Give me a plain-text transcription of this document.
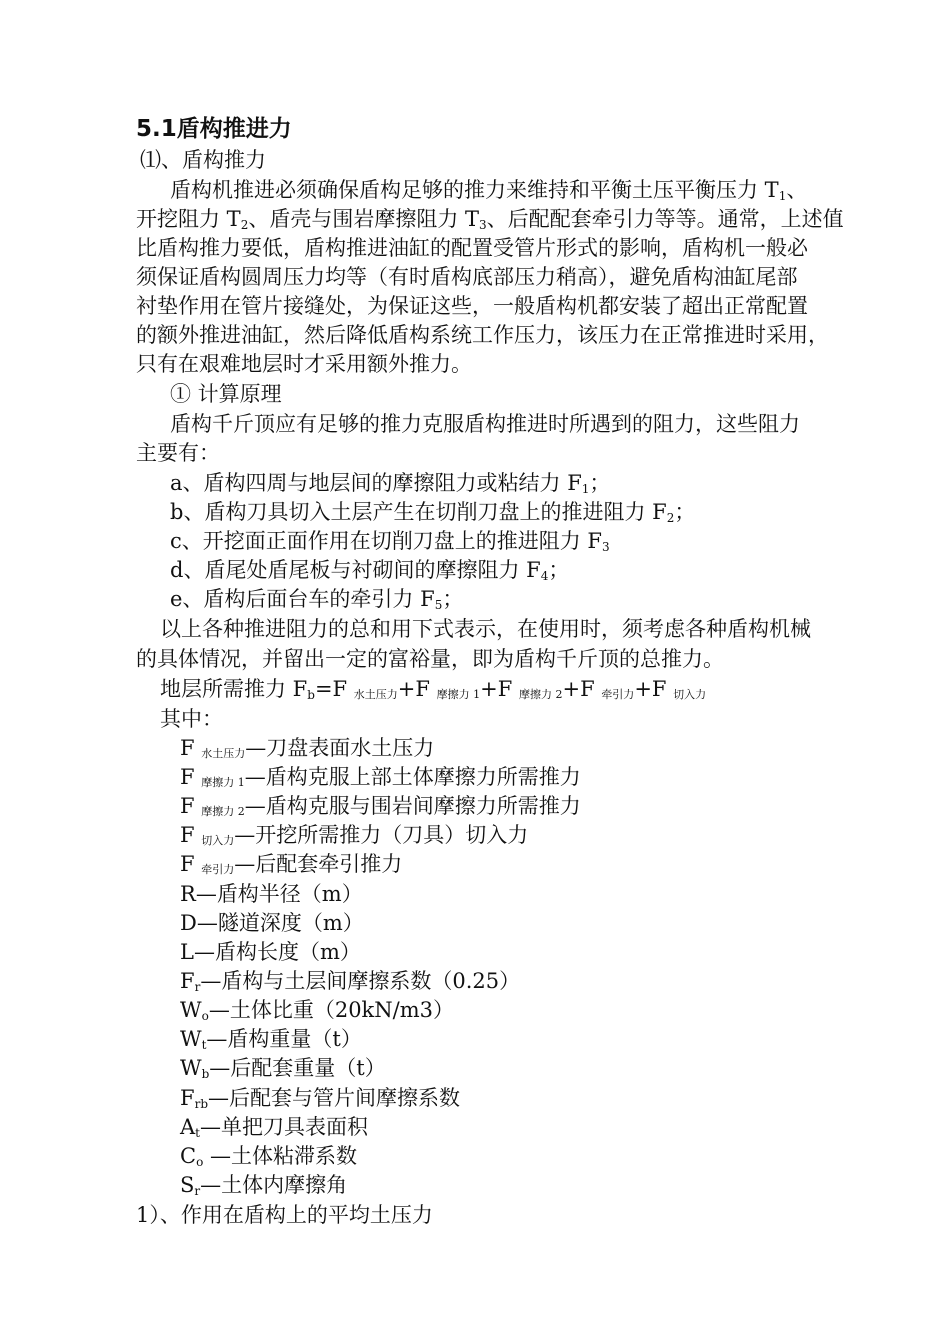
5.1盾构推进力
⑴、盾构推力
盾构机推进必须确保盾构足够的推力来维持和平衡土压平衡压力 $T_1$、
开挖阻力 $T_2$、盾壳与围岩摩擦阻力 $T_3$、后配配套牵引力等等。通常，上述值
比盾构推力要低，盾构推进油缸的配置受管片形式的影响，盾构机一般必
须保证盾构圆周压力均等（有时盾构底部压力稍高），避免盾构油缸尾部
衬垫作用在管片接缝处，为保证这些，一般盾构机都安装了超出正常配置
的额外推进油缸，然后降低盾构系统工作压力，该压力在正常推进时采用，
只有在艰难地层时才采用额外推力。
① 计算原理
盾构千斤顶应有足够的推力克服盾构推进时所遇到的阻力，这些阻力
主要有：
a、盾构四周与地层间的摩擦阻力或粘结力 $F_1$；
b、盾构刀具切入土层产生在切削刀盘上的推进阻力 $F_2$；
c、开挖面正面作用在切削刀盘上的推进阻力 $F_3$
d、盾尾处盾尾板与衬砌间的摩擦阻力 $F_4$；
e、盾构后面台车的牵引力 $F_5$；
以上各种推进阻力的总和用下式表示，在使用时，须考虑各种盾构机械
的具体情况，并留出一定的富裕量，即为盾构千斤顶的总推力。
地层所需推力 $F_b=F$ $_{水土压力}$+F $_{摩擦力 1}$+F $_{摩擦力 2}$+F $_{牵引力}$+F $_{切入力}$
其中：
F $_{水土压力}$—刀盘表面水土压力
F $_{摩擦力 1}$—盾构克服上部土体摩擦力所需推力
F $_{摩擦力 2}$—盾构克服与围岩间摩擦力所需推力
F $_{切入力}$—开挖所需推力（刀具）切入力
F $_{牵引力}$—后配套牵引推力
R—盾构半径（m）
D—隧道深度（m）
L—盾构长度（m）
$F_r—$盾构与土层间摩擦系数（0.25）
$W_o—$土体比重（20kN/m3）
$W_t—$盾构重量（t）
$W_b—$后配套重量（t）
$F_{rb}—$后配套与管片间摩擦系数
$A_t—$单把刀具表面积
$C_o$ —土体粘滞系数
$S_r—$土体内摩擦角
1）、作用在盾构上的平均土压力
